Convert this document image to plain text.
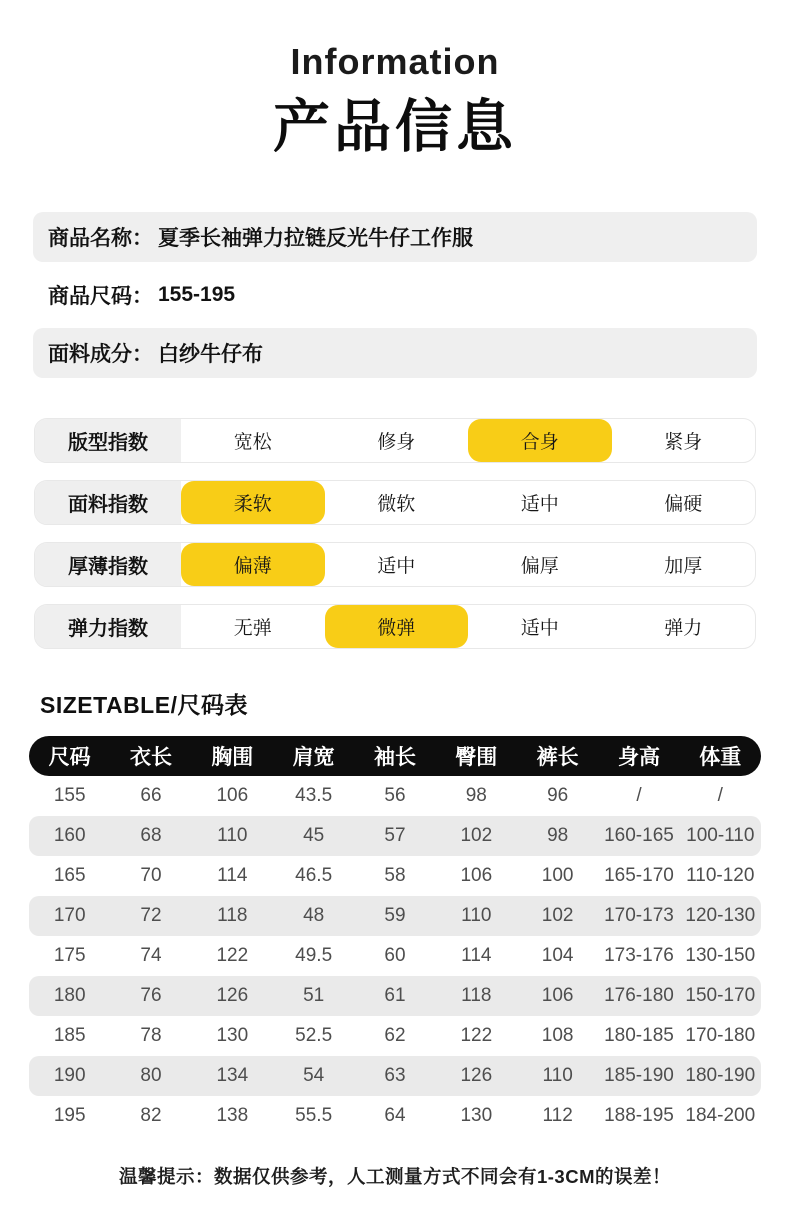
Information
产品信息
商品名称： 夏季长袖弹力拉链反光牛仔工作服
商品尺码： 155-195
面料成分： 白纱牛仔布
版型指数	宽松	修身	合身	紧身
面料指数	柔软	微软	适中	偏硬
厚薄指数	偏薄	适中	偏厚	加厚
弹力指数	无弹	微弹	适中	弹力
SIZETABLE/尺码表
尺码	衣长	胸围	肩宽	袖长	臀围	裤长	身高	体重
155	66	106	43.5	56	98	96	/	/
160	68	110	45	57	102	98	160-165 100-110
165	70	114	46.5	58	106	100	165-170 110-120
170	72	118	48	59	110	102	170-173 120-130
175	74	122	49.5	60	114	104	173-176 130-150
180	76	126	51	61	118	106	176-180 150-170
185	78	130	52.5	62	122	108	180-185 170-180
190	80	134	54	63	126	110	185-190 180-190
195	82	138	55.5	64	130	112	188-195 184-200
温馨提示：数据仅供参考，人工测量方式不同会有1-3CM的误差！
